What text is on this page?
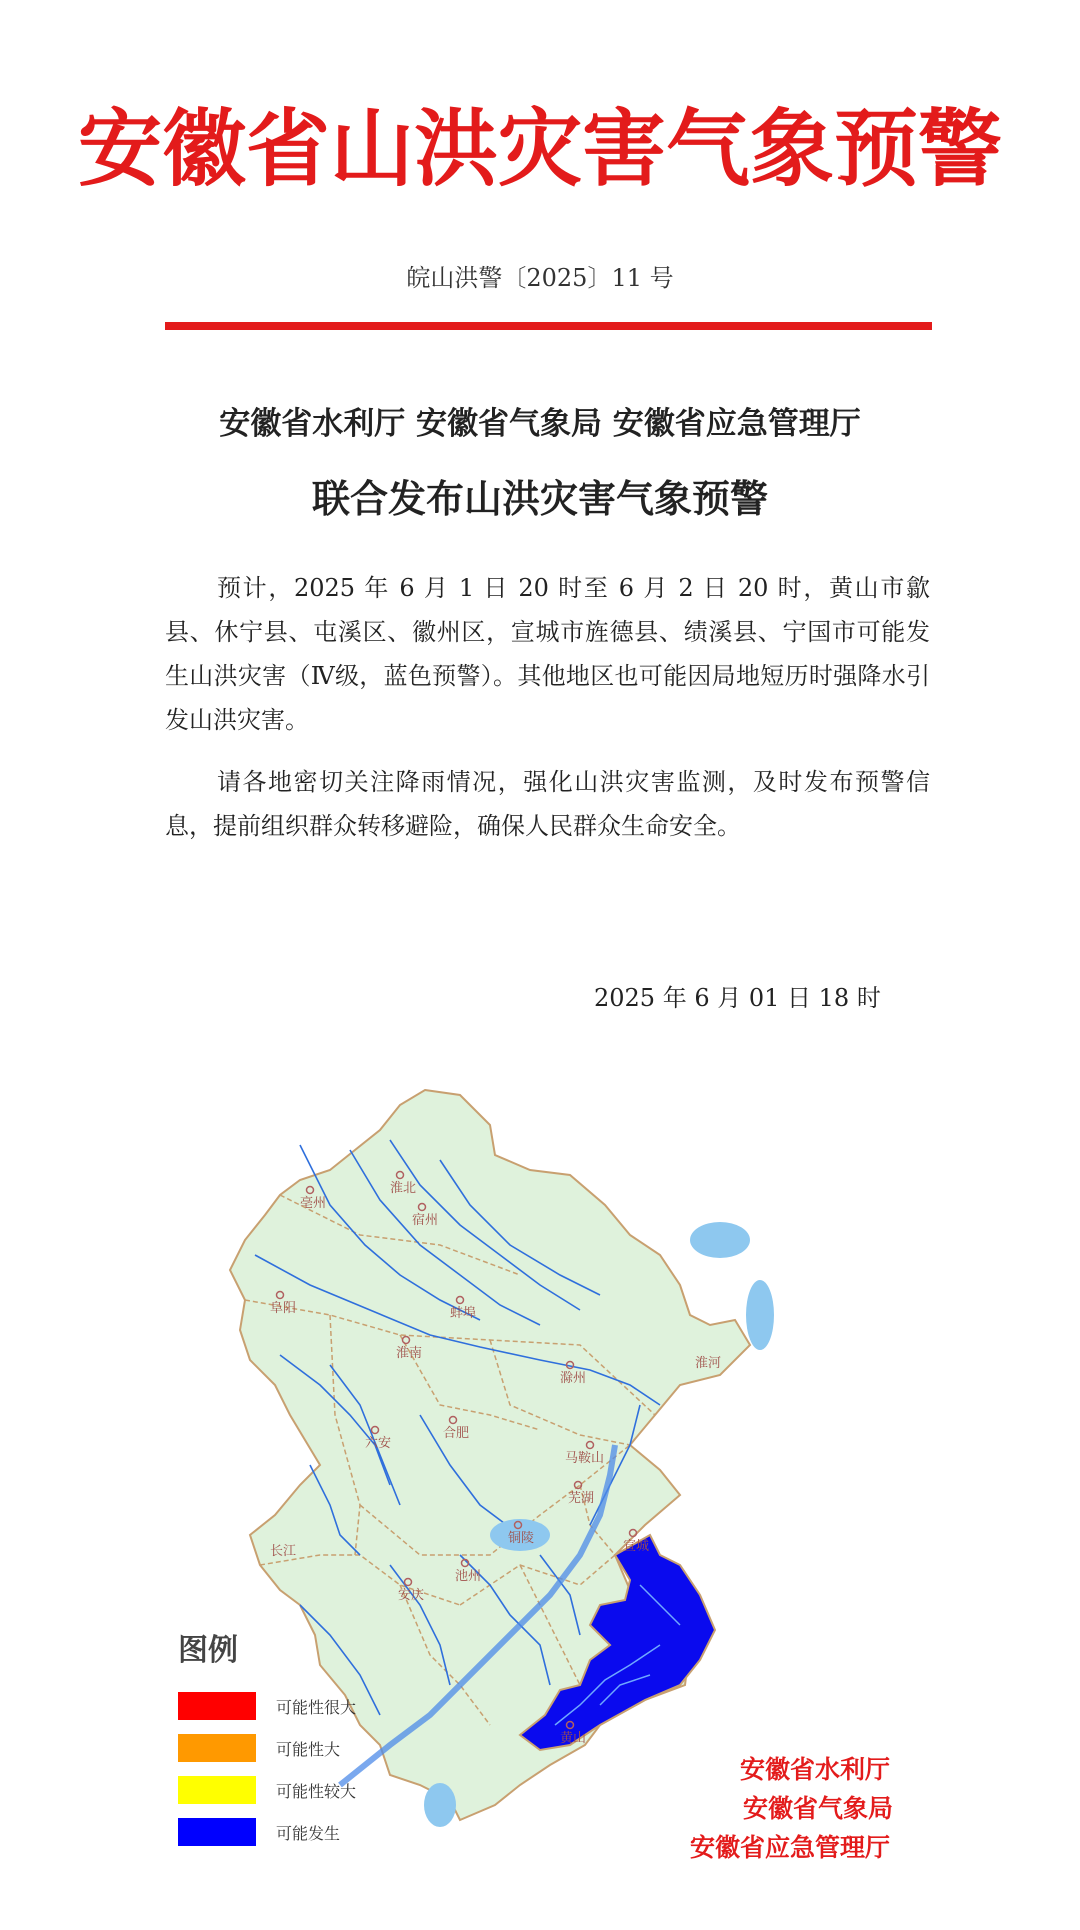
安徽省山洪灾害气象预警
皖山洪警〔2025〕11 号
安徽省水利厅 安徽省气象局 安徽省应急管理厅
联合发布山洪灾害气象预警

预计，2025 年 6 月 1 日 20 时至 6 月 2 日 20 时，黄山市歙县、休宁县、屯溪区、徽州区，宣城市旌德县、绩溪县、宁国市可能发生山洪灾害（Ⅳ级，蓝色预警）。其他地区也可能因局地短历时强降水引发山洪灾害。

请各地密切关注降雨情况，强化山洪灾害监测，及时发布预警信息，提前组织群众转移避险，确保人民群众生命安全。

2025 年 6 月 01 日 18 时
亳州
淮北
宿州
阜阳	蚌埠
淮南
滁州
六安
合肥
马鞍山
芜湖
铜陵
宣城
池州
安庆
黄山
淮河
长江
图例
可能性很大
可能性大
可能性较大
可能发生
安徽省水利厅
安徽省气象局
安徽省应急管理厅
